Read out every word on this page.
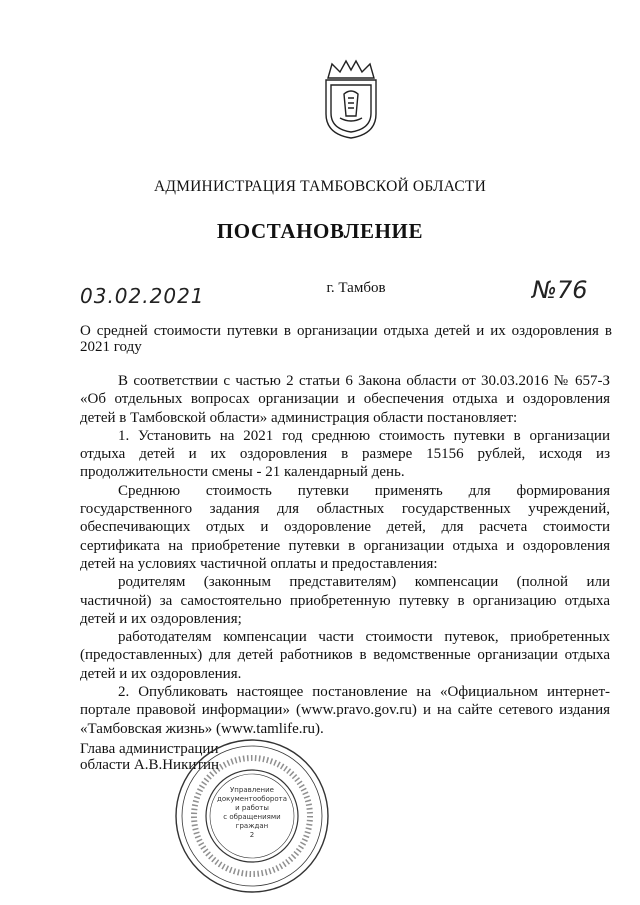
АДМИНИСТРАЦИЯ ТАМБОВСКОЙ ОБЛАСТИ
ПОСТАНОВЛЕНИЕ
03.02.2021	г. Тамбов	№76
О средней стоимости путевки в организации отдыха детей и их оздоровления в 2021 году

В соответствии с частью 2 статьи 6 Закона области от 30.03.2016 № 657-З «Об отдельных вопросах организации и обеспечения отдыха и оздоровления детей в Тамбовской области» администрация области постановляет:

1. Установить на 2021 год среднюю стоимость путевки в организации отдыха детей и их оздоровления в размере 15156 рублей, исходя из продолжительности смены - 21 календарный день.

Среднюю стоимость путевки применять для формирования государственного задания для областных государственных учреждений, обеспечивающих отдых и оздоровление детей, для расчета стоимости сертификата на приобретение путевки в организации отдыха и оздоровления детей на условиях частичной оплаты и предоставления:

родителям (законным представителям) компенсации (полной или частичной) за самостоятельно приобретенную путевку в организацию отдыха детей и их оздоровления;

работодателям компенсации части стоимости путевок, приобретенных (предоставленных) для детей работников в ведомственные организации отдыха детей и их оздоровления.

2. Опубликовать настоящее постановление на «Официальном интернет-портале правовой информации» (www.pravo.gov.ru) и на сайте сетевого издания «Тамбовская жизнь» (www.tamlife.ru).

Глава администрации
области А.В.Никитин
Управление
документооборота
и работы
с обращениями
граждан
2
